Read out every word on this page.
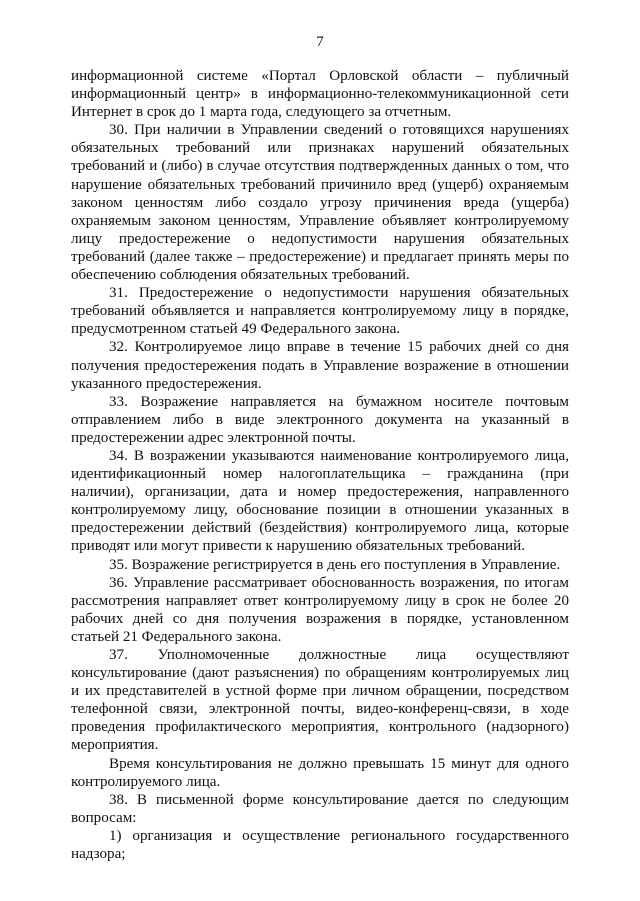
7

информационной системе «Портал Орловской области – публичный информационный центр» в информационно-телекоммуникационной сети Интернет в срок до 1 марта года, следующего за отчетным.

30. При наличии в Управлении сведений о готовящихся нарушениях обязательных требований или признаках нарушений обязательных требований и (либо) в случае отсутствия подтвержденных данных о том, что нарушение обязательных требований причинило вред (ущерб) охраняемым законом ценностям либо создало угрозу причинения вреда (ущерба) охраняемым законом ценностям, Управление объявляет контролируемому лицу предостережение о недопустимости нарушения обязательных требований (далее также – предостережение) и предлагает принять меры по обеспечению соблюдения обязательных требований.

31. Предостережение о недопустимости нарушения обязательных требований объявляется и направляется контролируемому лицу в порядке, предусмотренном статьей 49 Федерального закона.

32. Контролируемое лицо вправе в течение 15 рабочих дней со дня получения предостережения подать в Управление возражение в отношении указанного предостережения.

33. Возражение направляется на бумажном носителе почтовым отправлением либо в виде электронного документа на указанный в предостережении адрес электронной почты.

34. В возражении указываются наименование контролируемого лица, идентификационный номер налогоплательщика – гражданина (при наличии), организации, дата и номер предостережения, направленного контролируемому лицу, обоснование позиции в отношении указанных в предостережении действий (бездействия) контролируемого лица, которые приводят или могут привести к нарушению обязательных требований.

35. Возражение регистрируется в день его поступления в Управление.

36. Управление рассматривает обоснованность возражения, по итогам рассмотрения направляет ответ контролируемому лицу в срок не более 20 рабочих дней со дня получения возражения в порядке, установленном статьей 21 Федерального закона.

37. Уполномоченные должностные лица осуществляют консультирование (дают разъяснения) по обращениям контролируемых лиц и их представителей в устной форме при личном обращении, посредством телефонной связи, электронной почты, видео-конференц-связи, в ходе проведения профилактического мероприятия, контрольного (надзорного) мероприятия.

Время консультирования не должно превышать 15 минут для одного контролируемого лица.

38. В письменной форме консультирование дается по следующим вопросам:

1) организация и осуществление регионального государственного надзора;
